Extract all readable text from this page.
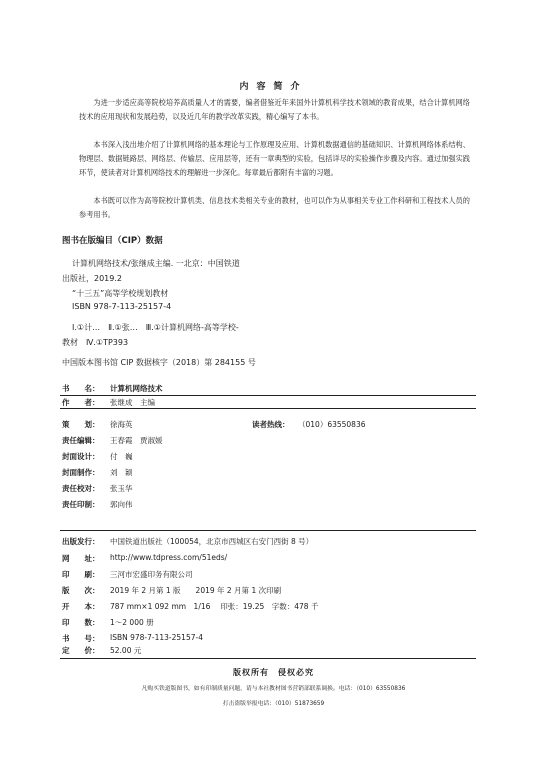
内容简介

为进一步适应高等院校培养高质量人才的需要，编者借鉴近年来国外计算机科学技术领域的教育成果，结合计算机网络技术的应用现状和发展趋势，以及近几年的教学改革实践，精心编写了本书。

本书深入浅出地介绍了计算机网络的基本理论与工作原理及应用、计算机数据通信的基础知识、计算机网络体系结构、物理层、数据链路层、网络层、传输层、应用层等，还有一章典型的实验，包括详尽的实验操作步骤及内容。通过加强实践环节，使读者对计算机网络技术的理解进一步深化。每章最后都附有丰富的习题。

本书既可以作为高等院校计算机类、信息技术类相关专业的教材，也可以作为从事相关专业工作科研和工程技术人员的参考用书。

图书在版编目（CIP）数据
计算机网络技术/张继成主编. 一北京：中国铁道
出版社，2019.2
“十三五”高等学校规划教材
ISBN 978-7-113-25157-4
Ⅰ.①计…　Ⅱ.①张…　Ⅲ.①计算机网络-高等学校-
教材　Ⅳ.①TP393
中国版本图书馆 CIP 数据核字（2018）第 284155 号
书　　名： 计算机网络技术
作　　者： 张继成　主编
策　　划： 徐海英	读者热线： （010）63550836
责任编辑： 王春霞　贾淑媛
封面设计： 付　巍
封面制作： 刘　颖
责任校对： 张玉华
责任印制： 郭向伟
出版发行： 中国铁道出版社（100054，北京市西城区右安门西街 8 号）
网　　址： http://www.tdpress.com/51eds/
印　　刷： 三河市宏盛印务有限公司
版　　次： 2019 年 2 月第 1 版　　2019 年 2 月第 1 次印刷
开　　本： 787 mm×1 092 mm　1/16　 印张：19.25　字数：478 千
印　　数： 1～2 000 册
书　　号： ISBN 978-7-113-25157-4
定　　价： 52.00 元
版权所有　侵权必究
凡购买铁道版图书，如有印制质量问题，请与本社教材图书营销部联系调换。电话：（010）63550836
打击盗版举报电话：（010）51873659
